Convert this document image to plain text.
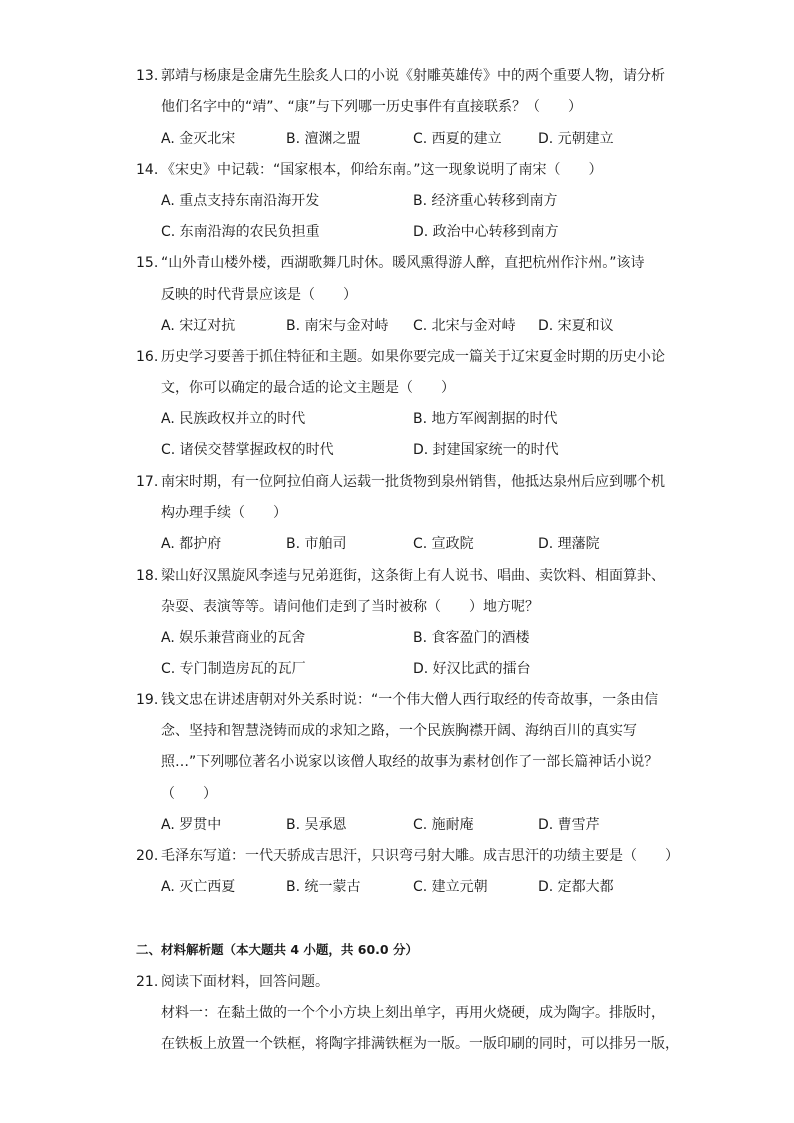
13. 郭靖与杨康是金庸先生脍炙人口的小说《射雕英雄传》中的两个重要人物，请分析
他们名字中的“靖”、“康”与下列哪一历史事件有直接联系？（　　）
A. 金灭北宋	B. 澶渊之盟	C. 西夏的建立	D. 元朝建立
14. 《宋史》中记载：“国家根本，仰给东南。”这一现象说明了南宋（　　）
A. 重点支持东南沿海开发	B. 经济重心转移到南方
C. 东南沿海的农民负担重	D. 政治中心转移到南方
15. “山外青山楼外楼，西湖歌舞几时休。暖风熏得游人醉，直把杭州作汴州。”该诗
反映的时代背景应该是（　　）
A. 宋辽对抗	B. 南宋与金对峙 C. 北宋与金对峙 D. 宋夏和议
16. 历史学习要善于抓住特征和主题。如果你要完成一篇关于辽宋夏金时期的历史小论
文，你可以确定的最合适的论文主题是（　　）
A. 民族政权并立的时代	B. 地方军阀割据的时代
C. 诸侯交替掌握政权的时代	D. 封建国家统一的时代
17. 南宋时期，有一位阿拉伯商人运载一批货物到泉州销售，他抵达泉州后应到哪个机
构办理手续（　　）
A. 都护府	B. 市舶司	C. 宣政院	D. 理藩院
18. 梁山好汉黑旋风李逵与兄弟逛街，这条街上有人说书、唱曲、卖饮料、相面算卦、
杂耍、表演等等。请问他们走到了当时被称（　　）地方呢？
A. 娱乐兼营商业的瓦舍	B. 食客盈门的酒楼
C. 专门制造房瓦的瓦厂	D. 好汉比武的擂台
19. 钱文忠在讲述唐朝对外关系时说：“一个伟大僧人西行取经的传奇故事，一条由信
念、坚持和智慧浇铸而成的求知之路，一个民族胸襟开阔、海纳百川的真实写
照…”下列哪位著名小说家以该僧人取经的故事为素材创作了一部长篇神话小说？
（　　）
A. 罗贯中	B. 吴承恩	C. 施耐庵	D. 曹雪芹
20. 毛泽东写道：一代天骄成吉思汗，只识弯弓射大雕。成吉思汗的功绩主要是（　　）
A. 灭亡西夏	B. 统一蒙古	C. 建立元朝	D. 定都大都
二、材料解析题（本大题共 4 小题，共 60.0 分）
21. 阅读下面材料，回答问题。
材料一：在黏土做的一个个小方块上刻出单字，再用火烧硬，成为陶字。排版时，
在铁板上放置一个铁框，将陶字排满铁框为一版。一版印刷的同时，可以排另一版，
